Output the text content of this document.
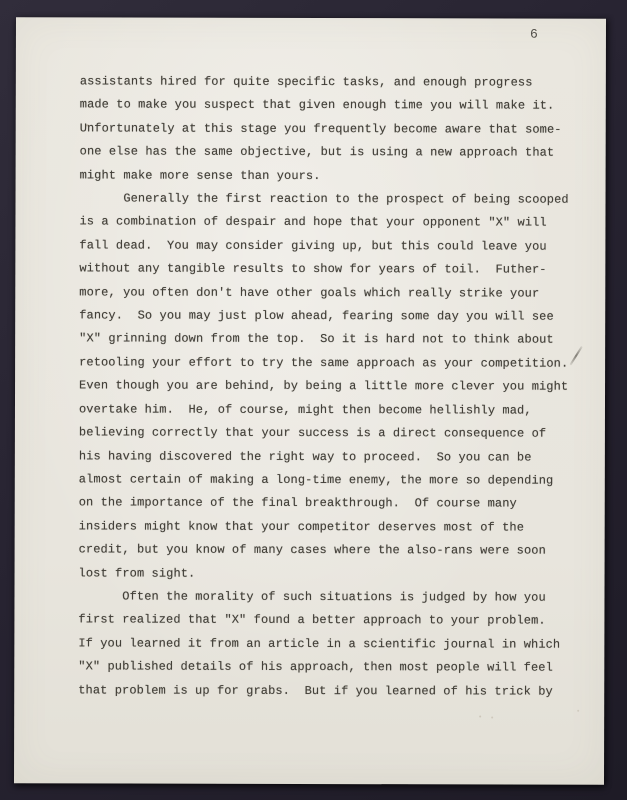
6
assistants hired for quite specific tasks, and enough progress
made to make you suspect that given enough time you will make it.
Unfortunately at this stage you frequently become aware that some-
one else has the same objective, but is using a new approach that
might make more sense than yours.
Generally the first reaction to the prospect of being scooped
is a combination of despair and hope that your opponent "X" will
fall dead.  You may consider giving up, but this could leave you
without any tangible results to show for years of toil.  Futher-
more, you often don't have other goals which really strike your
fancy.  So you may just plow ahead, fearing some day you will see
"X" grinning down from the top.  So it is hard not to think about
retooling your effort to try the same approach as your competition.
Even though you are behind, by being a little more clever you might
overtake him.  He, of course, might then become hellishly mad,
believing correctly that your success is a direct consequence of
his having discovered the right way to proceed.  So you can be
almost certain of making a long-time enemy, the more so depending
on the importance of the final breakthrough.  Of course many
insiders might know that your competitor deserves most of the
credit, but you know of many cases where the also-rans were soon
lost from sight.
Often the morality of such situations is judged by how you
first realized that "X" found a better approach to your problem.
If you learned it from an article in a scientific journal in which
"X" published details of his approach, then most people will feel
that problem is up for grabs.  But if you learned of his trick by
